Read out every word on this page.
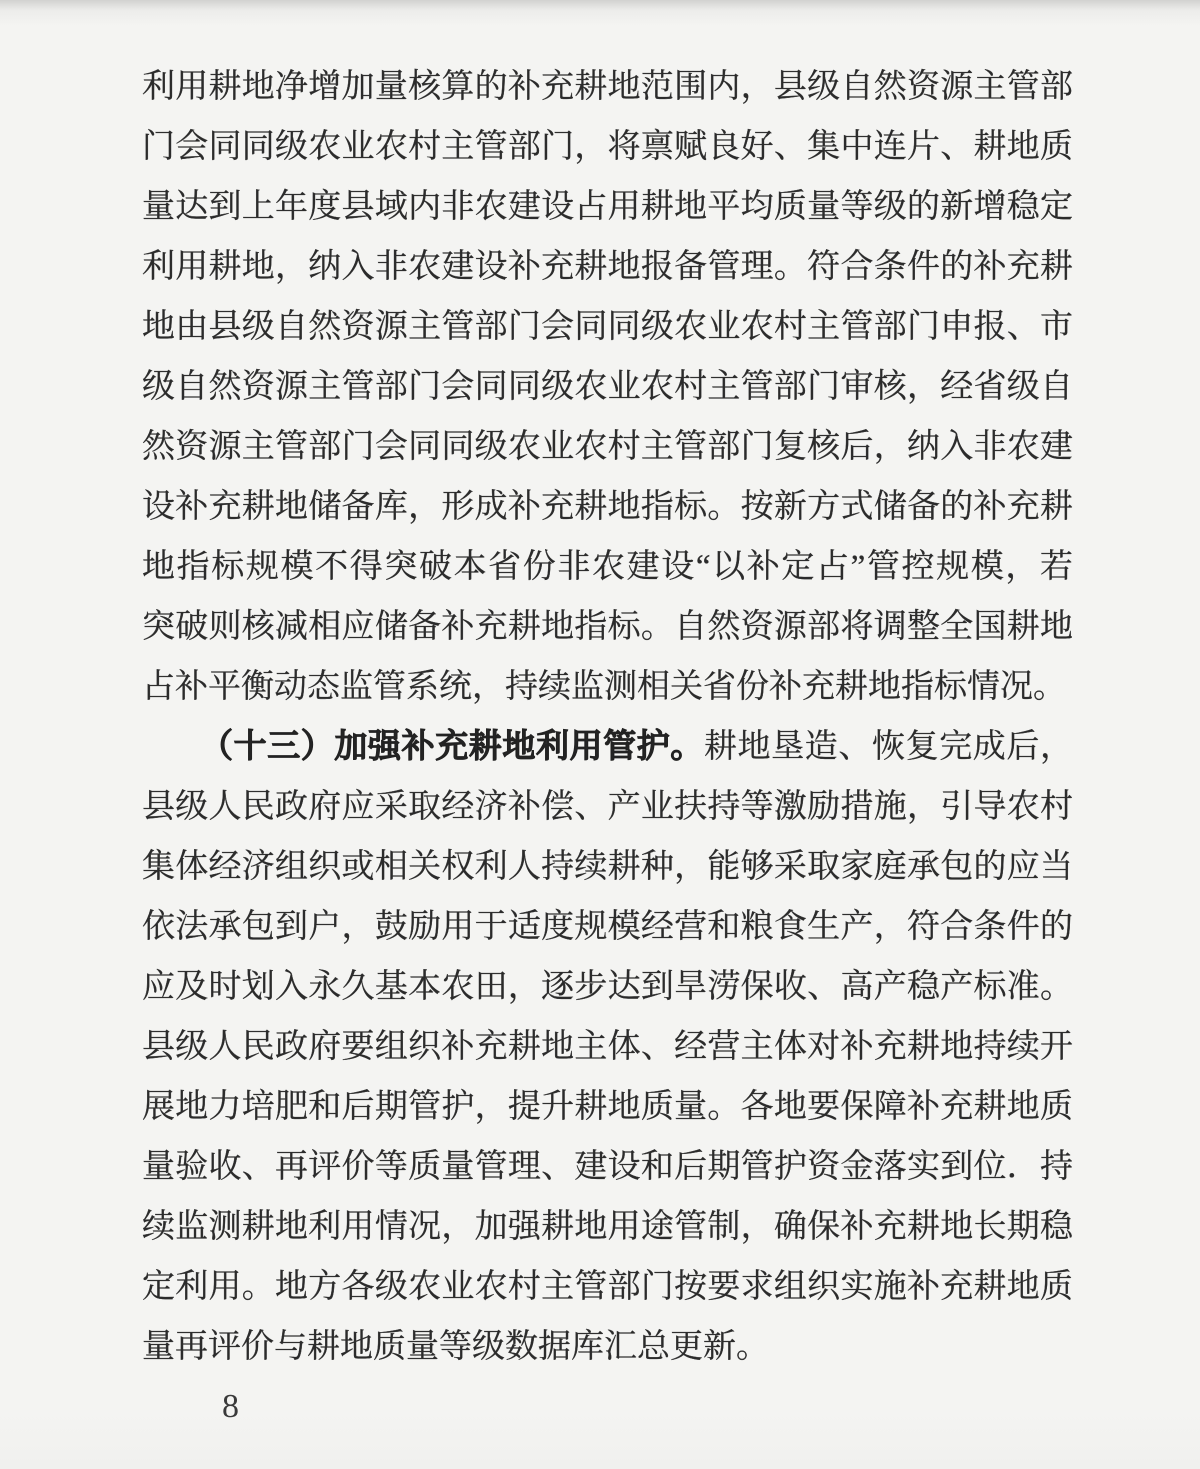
利用耕地净增加量核算的补充耕地范围内，县级自然资源主管部
门会同同级农业农村主管部门，将禀赋良好、集中连片、耕地质
量达到上年度县域内非农建设占用耕地平均质量等级的新增稳定
利用耕地，纳入非农建设补充耕地报备管理。符合条件的补充耕
地由县级自然资源主管部门会同同级农业农村主管部门申报、市
级自然资源主管部门会同同级农业农村主管部门审核，经省级自
然资源主管部门会同同级农业农村主管部门复核后，纳入非农建
设补充耕地储备库，形成补充耕地指标。按新方式储备的补充耕
地指标规模不得突破本省份非农建设“以补定占”管控规模，若
突破则核减相应储备补充耕地指标。自然资源部将调整全国耕地
占补平衡动态监管系统，持续监测相关省份补充耕地指标情况。
（十三）加强补充耕地利用管护。耕地垦造、恢复完成后，
县级人民政府应采取经济补偿、产业扶持等激励措施，引导农村
集体经济组织或相关权利人持续耕种，能够采取家庭承包的应当
依法承包到户，鼓励用于适度规模经营和粮食生产，符合条件的
应及时划入永久基本农田，逐步达到旱涝保收、高产稳产标准。
县级人民政府要组织补充耕地主体、经营主体对补充耕地持续开
展地力培肥和后期管护，提升耕地质量。各地要保障补充耕地质
量验收、再评价等质量管理、建设和后期管护资金落实到位．持
续监测耕地利用情况，加强耕地用途管制，确保补充耕地长期稳
定利用。地方各级农业农村主管部门按要求组织实施补充耕地质
量再评价与耕地质量等级数据库汇总更新。
8
